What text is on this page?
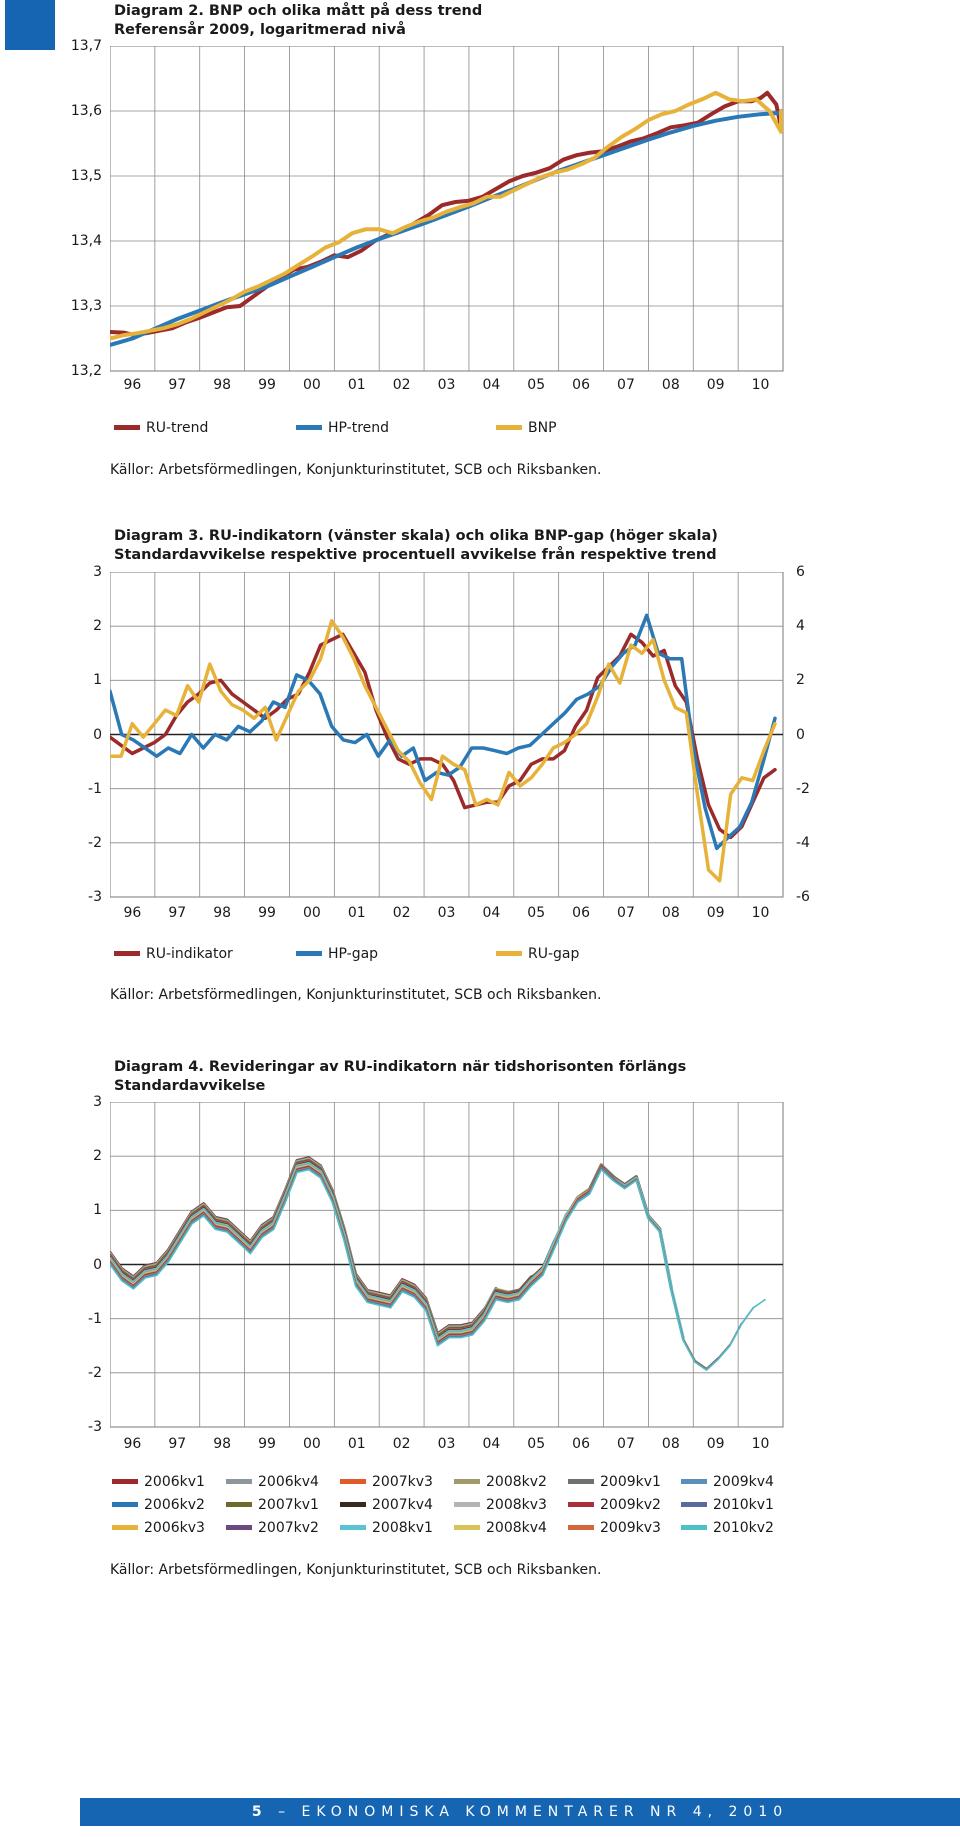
Diagram 2. BNP och olika mått på dess trend
Referensår 2009, logaritmerad nivå
13,7
13,6
13,5
13,4
13,3
13,2
96	97	98	99	00	01	02	03	04	05	06	07	08	09	10
RU-trend	HP-trend	BNP
Källor: Arbetsförmedlingen, Konjunkturinstitutet, SCB och Riksbanken.
Diagram 3. RU-indikatorn (vänster skala) och olika BNP-gap (höger skala)
Standardavvikelse respektive procentuell avvikelse från respektive trend
3
2
1
0
-1
-2
-3
6
4
2
0
-2
-4
-6
96	97	98	99	00	01	02	03	04	05	06	07	08	09	10
RU-indikator	HP-gap	RU-gap
Källor: Arbetsförmedlingen, Konjunkturinstitutet, SCB och Riksbanken.
Diagram 4. Revideringar av RU-indikatorn när tidshorisonten förlängs
Standardavvikelse
3
2
1
0
-1
-2
-3
96	97	98	99	00	01	02	03	04	05	06	07	08	09	10
2006kv1
2006kv2
2006kv3
2006kv4
2007kv1
2007kv2
2007kv3
2007kv4
2008kv1
2008kv2
2008kv3
2008kv4
2009kv1
2009kv2
2009kv3
2009kv4
2010kv1
2010kv2
Källor: Arbetsförmedlingen, Konjunkturinstitutet, SCB och Riksbanken.
5 – EKONOMISKA KOMMENTARER NR 4, 2010
